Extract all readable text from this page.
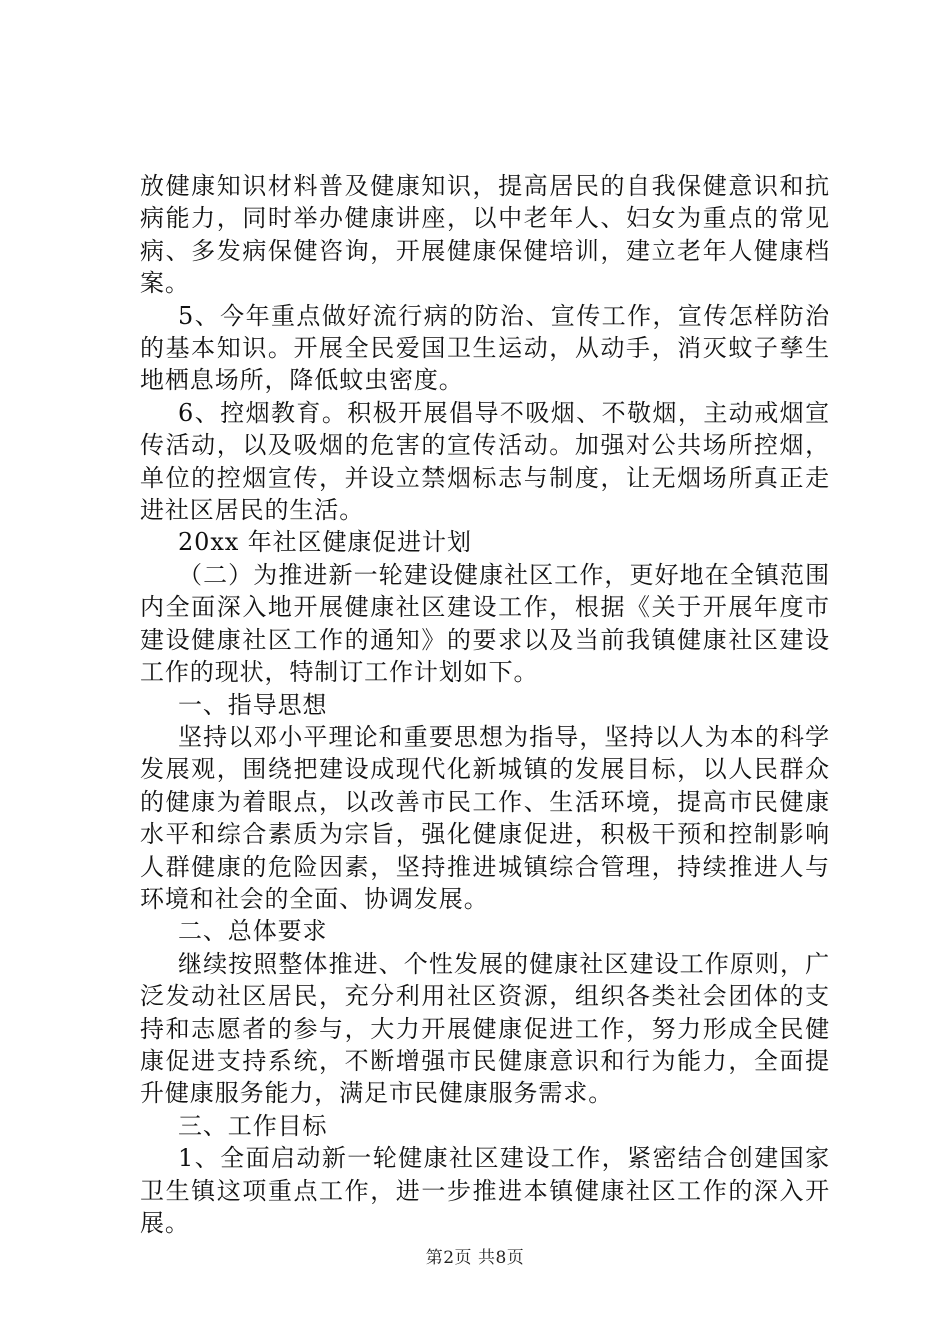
放健康知识材料普及健康知识，提高居民的自我保健意识和抗病能力，同时举办健康讲座，以中老年人、妇女为重点的常见病、多发病保健咨询，开展健康保健培训，建立老年人健康档案。

5、今年重点做好流行病的防治、宣传工作，宣传怎样防治的基本知识。开展全民爱国卫生运动，从动手，消灭蚊子孳生地栖息场所，降低蚊虫密度。

6、控烟教育。积极开展倡导不吸烟、不敬烟，主动戒烟宣传活动，以及吸烟的危害的宣传活动。加强对公共场所控烟，单位的控烟宣传，并设立禁烟标志与制度，让无烟场所真正走进社区居民的生活。

20xx 年社区健康促进计划

（二）为推进新一轮建设健康社区工作，更好地在全镇范围内全面深入地开展健康社区建设工作，根据《关于开展年度市建设健康社区工作的通知》的要求以及当前我镇健康社区建设工作的现状，特制订工作计划如下。

一、指导思想

坚持以邓小平理论和重要思想为指导，坚持以人为本的科学发展观，围绕把建设成现代化新城镇的发展目标，以人民群众的健康为着眼点，以改善市民工作、生活环境，提高市民健康水平和综合素质为宗旨，强化健康促进，积极干预和控制影响人群健康的危险因素，坚持推进城镇综合管理，持续推进人与环境和社会的全面、协调发展。

二、总体要求

继续按照整体推进、个性发展的健康社区建设工作原则，广泛发动社区居民，充分利用社区资源，组织各类社会团体的支持和志愿者的参与，大力开展健康促进工作，努力形成全民健康促进支持系统，不断增强市民健康意识和行为能力，全面提升健康服务能力，满足市民健康服务需求。

三、工作目标

1、全面启动新一轮健康社区建设工作，紧密结合创建国家卫生镇这项重点工作，进一步推进本镇健康社区工作的深入开展。

第2页 共8页
